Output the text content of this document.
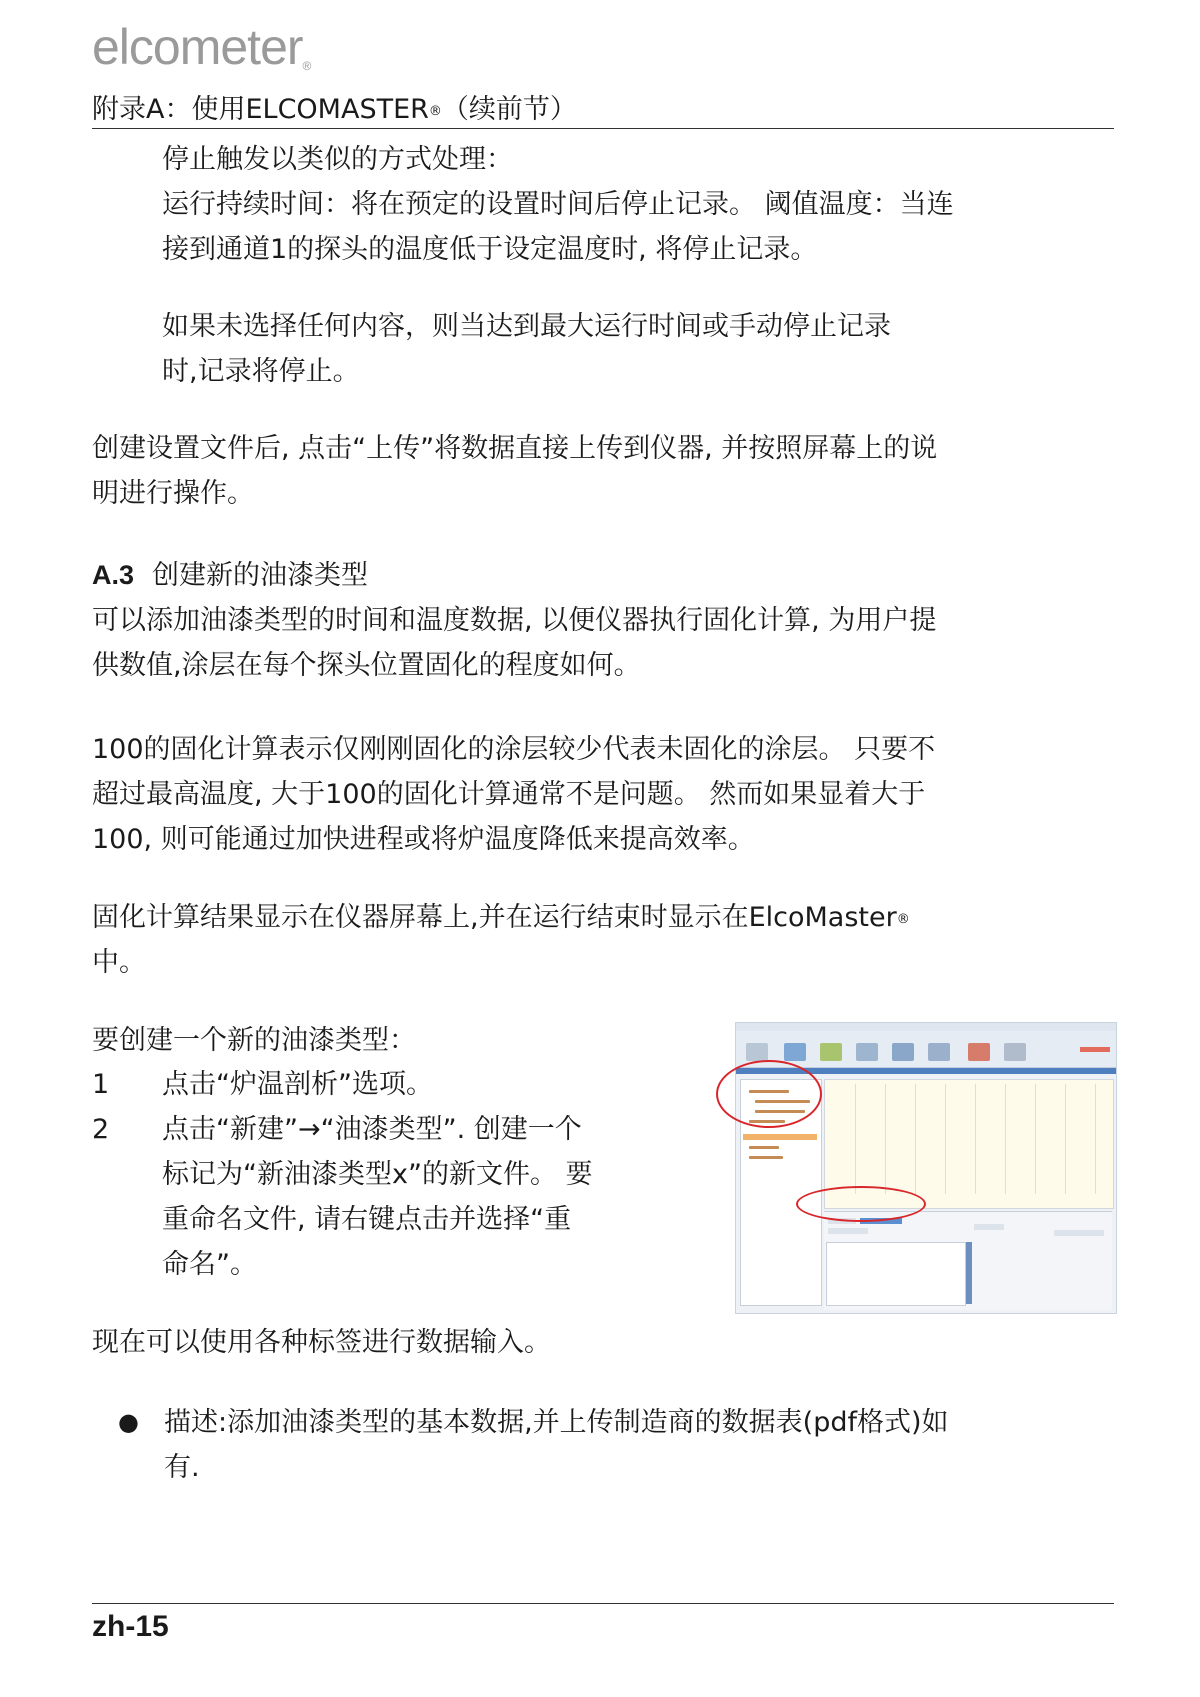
elcometer®
附录A：使用ELCOMASTER®（续前节）
停止触发以类似的方式处理：
运行持续时间：将在预定的设置时间后停止记录。 阈值温度：当连
接到通道1的探头的温度低于设定温度时, 将停止记录。
如果未选择任何内容，则当达到最大运行时间或手动停止记录
时,记录将停止。
创建设置文件后, 点击“上传”将数据直接上传到仪器, 并按照屏幕上的说
明进行操作。
A.3 创建新的油漆类型
可以添加油漆类型的时间和温度数据, 以便仪器执行固化计算, 为用户提
供数值,涂层在每个探头位置固化的程度如何。
100的固化计算表示仅刚刚固化的涂层较少代表未固化的涂层。 只要不
超过最高温度, 大于100的固化计算通常不是问题。 然而如果显着大于
100, 则可能通过加快进程或将炉温度降低来提高效率。
固化计算结果显示在仪器屏幕上,并在运行结束时显示在ElcoMaster®
中。
要创建一个新的油漆类型：
1	点击“炉温剖析”选项。
2	点击“新建”→“油漆类型”. 创建一个
标记为“新油漆类型x”的新文件。 要
重命名文件, 请右键点击并选择“重
命名”。
现在可以使用各种标签进行数据输入。
● 描述:添加油漆类型的基本数据,并上传制造商的数据表(pdf格式)如
有.
zh-15
